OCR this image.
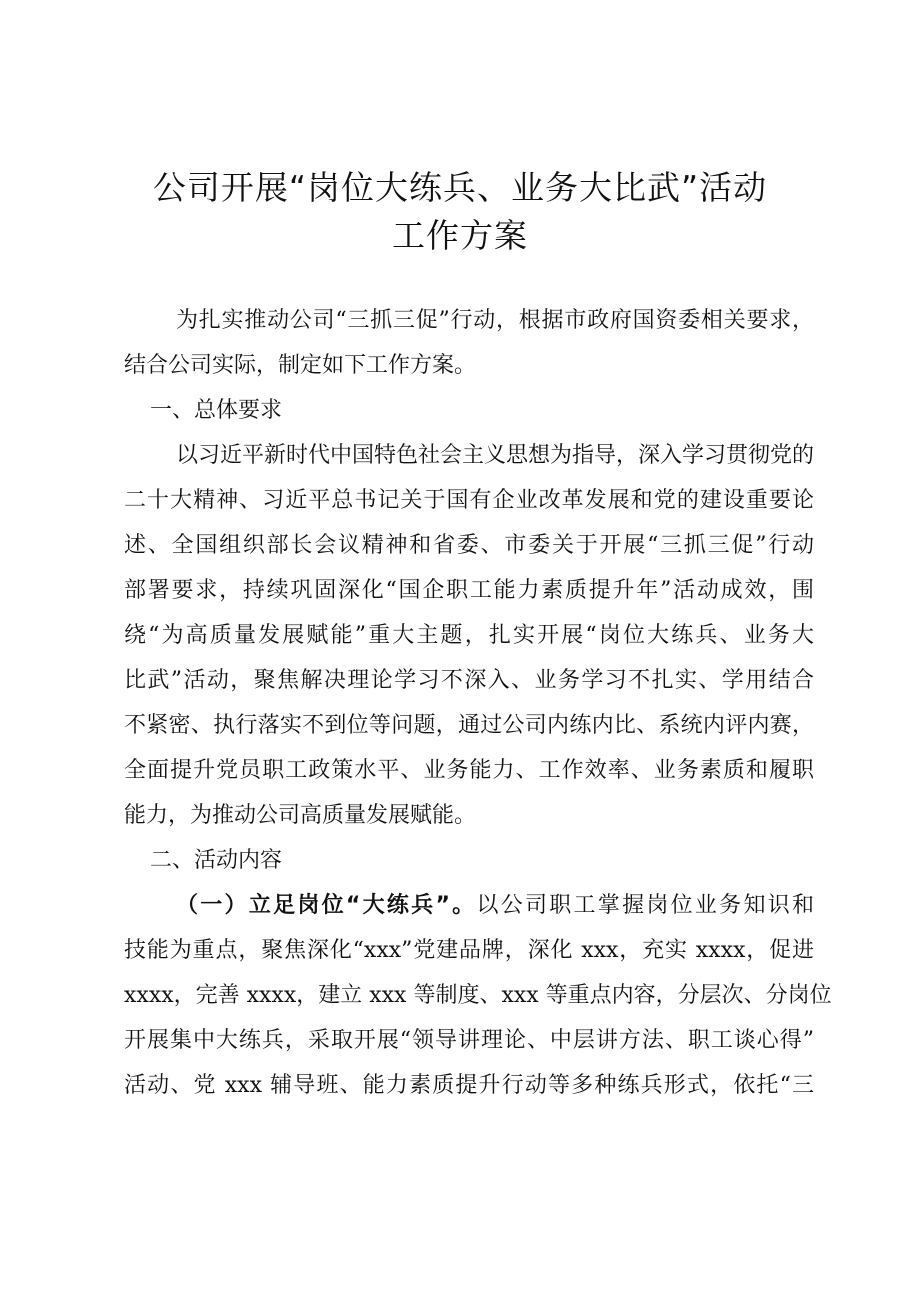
公司开展“岗位大练兵、业务大比武”活动
工作方案
为扎实推动公司“三抓三促”行动，根据市政府国资委相关要求，
结合公司实际，制定如下工作方案。
一、总体要求
以习近平新时代中国特色社会主义思想为指导，深入学习贯彻党的
二十大精神、习近平总书记关于国有企业改革发展和党的建设重要论
述、全国组织部长会议精神和省委、市委关于开展“三抓三促”行动
部署要求，持续巩固深化“国企职工能力素质提升年”活动成效，围
绕“为高质量发展赋能”重大主题，扎实开展“岗位大练兵、业务大
比武”活动，聚焦解决理论学习不深入、业务学习不扎实、学用结合
不紧密、执行落实不到位等问题，通过公司内练内比、系统内评内赛，
全面提升党员职工政策水平、业务能力、工作效率、业务素质和履职
能力，为推动公司高质量发展赋能。
二、活动内容
（一）立足岗位“大练兵”。以公司职工掌握岗位业务知识和
技能为重点，聚焦深化“xxx”党建品牌，深化 xxx，充实 xxxx，促进
xxxx，完善 xxxx，建立 xxx 等制度、xxx 等重点内容，分层次、分岗位
开展集中大练兵，采取开展“领导讲理论、中层讲方法、职工谈心得”
活动、党 xxx 辅导班、能力素质提升行动等多种练兵形式，依托“三
